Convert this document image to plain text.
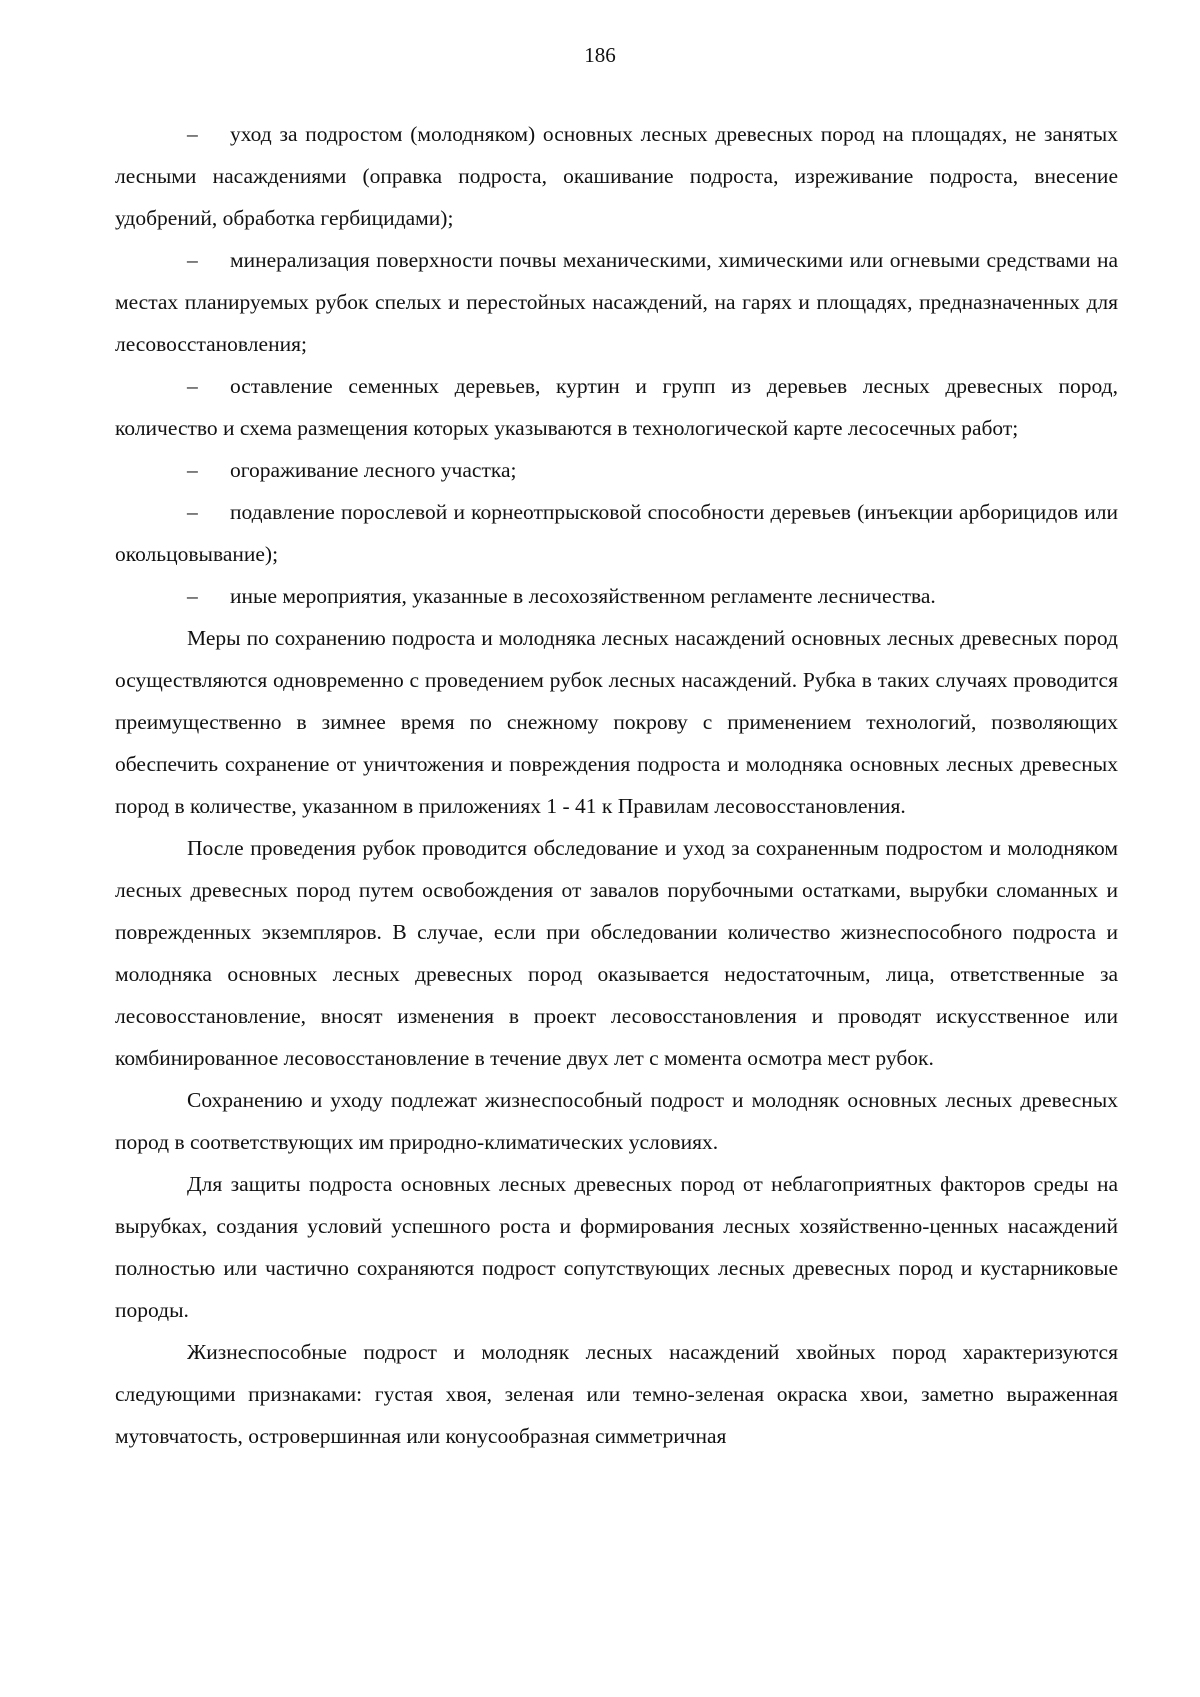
186

– уход за подростом (молодняком) основных лесных древесных пород на площадях, не занятых лесными насаждениями (оправка подроста, окашивание подроста, изреживание подроста, внесение удобрений, обработка гербицидами);

– минерализация поверхности почвы механическими, химическими или огневыми средствами на местах планируемых рубок спелых и перестойных насаждений, на гарях и площадях, предназначенных для лесовосстановления;

– оставление семенных деревьев, куртин и групп из деревьев лесных древесных пород, количество и схема размещения которых указываются в технологической карте лесосечных работ;

– огораживание лесного участка;

– подавление порослевой и корнеотпрысковой способности деревьев (инъекции арборицидов или окольцовывание);

– иные мероприятия, указанные в лесохозяйственном регламенте лесничества.

Меры по сохранению подроста и молодняка лесных насаждений основных лесных древесных пород осуществляются одновременно с проведением рубок лесных насаждений. Рубка в таких случаях проводится преимущественно в зимнее время по снежному покрову с применением технологий, позволяющих обеспечить сохранение от уничтожения и повреждения подроста и молодняка основных лесных древесных пород в количестве, указанном в приложениях 1 - 41 к Правилам лесовосстановления.

После проведения рубок проводится обследование и уход за сохраненным подростом и молодняком лесных древесных пород путем освобождения от завалов порубочными остатками, вырубки сломанных и поврежденных экземпляров. В случае, если при обследовании количество жизнеспособного подроста и молодняка основных лесных древесных пород оказывается недостаточным, лица, ответственные за лесовосстановление, вносят изменения в проект лесовосстановления и проводят искусственное или комбинированное лесовосстановление в течение двух лет с момента осмотра мест рубок.

Сохранению и уходу подлежат жизнеспособный подрост и молодняк основных лесных древесных пород в соответствующих им природно-климатических условиях.

Для защиты подроста основных лесных древесных пород от неблагоприятных факторов среды на вырубках, создания условий успешного роста и формирования лесных хозяйственно-ценных насаждений полностью или частично сохраняются подрост сопутствующих лесных древесных пород и кустарниковые породы.

Жизнеспособные подрост и молодняк лесных насаждений хвойных пород характеризуются следующими признаками: густая хвоя, зеленая или темно-зеленая окраска хвои, заметно выраженная мутовчатость, островершинная или конусообразная симметричная
